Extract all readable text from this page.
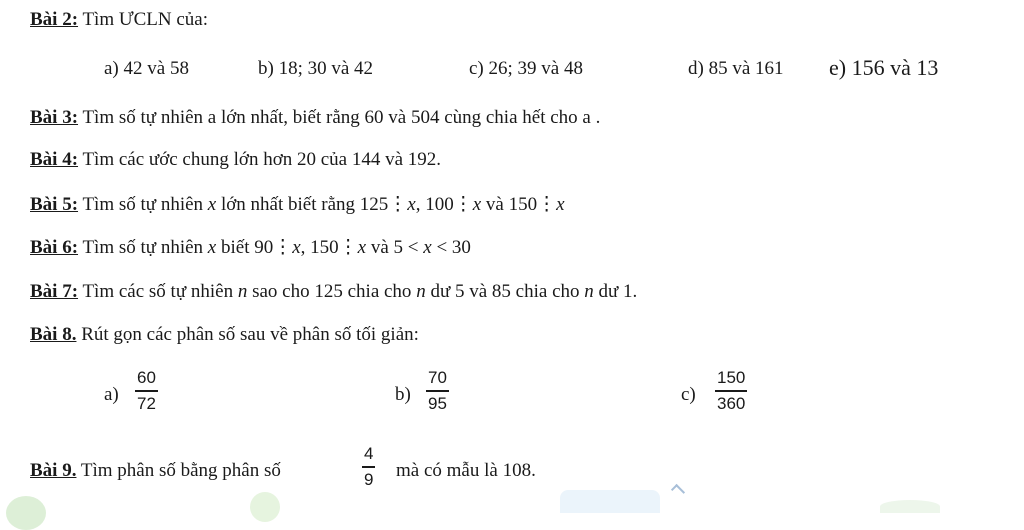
Bài 2: Tìm ƯCLN của:
a) 42 và 58	b) 18; 30 và 42	c) 26; 39 và 48	d) 85 và 161 e) 156 và 13
Bài 3: Tìm số tự nhiên a lớn nhất, biết rằng 60 và 504 cùng chia hết cho a .
Bài 4: Tìm các ước chung lớn hơn 20 của 144 và 192.
Bài 5: Tìm số tự nhiên x lớn nhất biết rằng 125⋮x, 100⋮x và 150⋮x
Bài 6: Tìm số tự nhiên x biết 90⋮x, 150⋮x và 5 < x < 30
Bài 7: Tìm các số tự nhiên n sao cho 125 chia cho n dư 5 và 85 chia cho n dư 1.
Bài 8. Rút gọn các phân số sau về phân số tối giản:
a)
60
72	b)
70
95	c)
150
360
Bài 9. Tìm phân số bằng phân số
4
9 mà có mẫu là 108.
